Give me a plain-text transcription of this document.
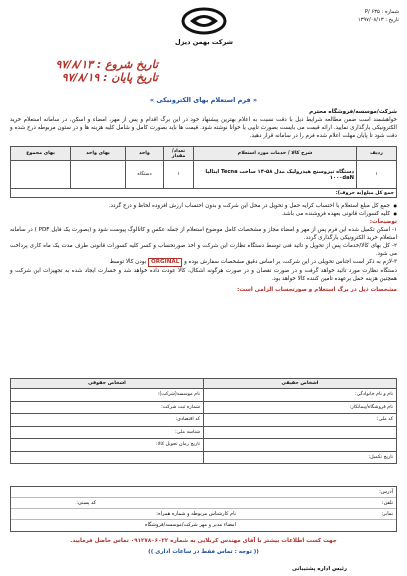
شماره : P/ ۶۳۵
تاریخ : ۱۳۹۷/۰۸/۱۳
شرکت بهمن دیزل
تاریخ شروع : ۹۷/۸/۱۳
تاریخ پایان : ۹۷/۸/۱۹
« فرم استعلام بهای الکترونیکی »
شرکت/موسسه/فروشگاه محترم
خواهشمند است ضمن مطالعه شرایط ذیل با دقت نسبت به اعلام بهترین پیشنهاد خود در این برگ اقدام و پس از مهر، امضاء و اسکن، در سامانه استعلام خرید الکترونیکی بارگذاری نمایید. ارائه قیمت می بایست بصورت تایپی یا خوانا نوشته شود. قیمت ها باید بصورت کامل و شامل کلیه هزینه ها و در ستون مربوطه درج شده و دقت شود تا پایان مهلت اعلام شده فرم را در سامانه قرار دهید.
ردیف	شرح کالا / خدمات مورد استعلام	تعداد/مقدار	واحد	بهای واحد	بهای مجموع
۱	دستگاه تیروسنج هیدرولیک مدل ۵۸-۱۴ ساخت Tecna ایتالیا ۱۰۰۰daN	۱	دستگاه		
جمع کل مبلغ(به حروف):					
● جمع کل مبلغ استعلام با احتساب کرایه حمل و تحویل در محل این شرکت و بدون احتساب ارزش افزوده لحاظ و درج گردد.
● کلیه کسورات قانونی بعهده فروشنده می باشد.
توضیحات:
۱- اسکن تکمیل شده این فرم پس از مهر و امضاء مجاز و مشخصات کامل موضوع استعلام از جمله عکس و کاتالوگ پیوست شود و (بصورت یک فایل PDF ) در سامانه استعلام خرید الکترونیکی بارگذاری گردد.
۲- کل بهای کالا/خدمات پس از تحویل و تائید فنی توسط دستگاه نظارت این شرکت و اخذ صورتحساب و کسر کلیه کسورات قانونی طرف مدت یک ماه کاری پرداخت می شود.
۳-لازم به ذکر است اجناس تحویلی در این شرکت، بر اساس دقیق مشخصات سفارش بوده و ORGINAL بودن کالا توسط
دستگاه نظارت مورد تائید خواهد گرفت و در صورت نقصان و در صورت هرگونه اشکال، کالا عودت داده خواهد شد و خسارت ایجاد شده به تجهیزات این شرکت و همچنین هزینه حمل برعهده تامین کننده کالا خواهد بود.
مشخصات ذیل در برگ استعلام و صورتحساب الزامی است:
اشخاص حقیقی	اشخاص حقوقی
نام و نام خانوادگی:	نام موسسه(شرکت):
نام فروشگاه/پیمانکار:	شماره ثبت شرکت:
کد ملی:	کد اقتصادی:
	شناسه ملی:
	تاریخ زمان تحویل کالا:
تاریخ تکمیل:	
آدرس:
تلفن:
کد پستی:
نمابر:
نام کارشناس مربوطه و شماره همراه:
امضاء مدیر و مهر شرکت/موسسه/فروشگاه
جهت کسب اطلاعات بیشتر با آقای مهندس کربلایی به شماره ۰۹۱۲۷۸۰۶۰۲۲ تماس حاصل فرمایید.
(( توجه : تماس فقط در ساعات اداری ))
رئیس اداره پشتیبانی
